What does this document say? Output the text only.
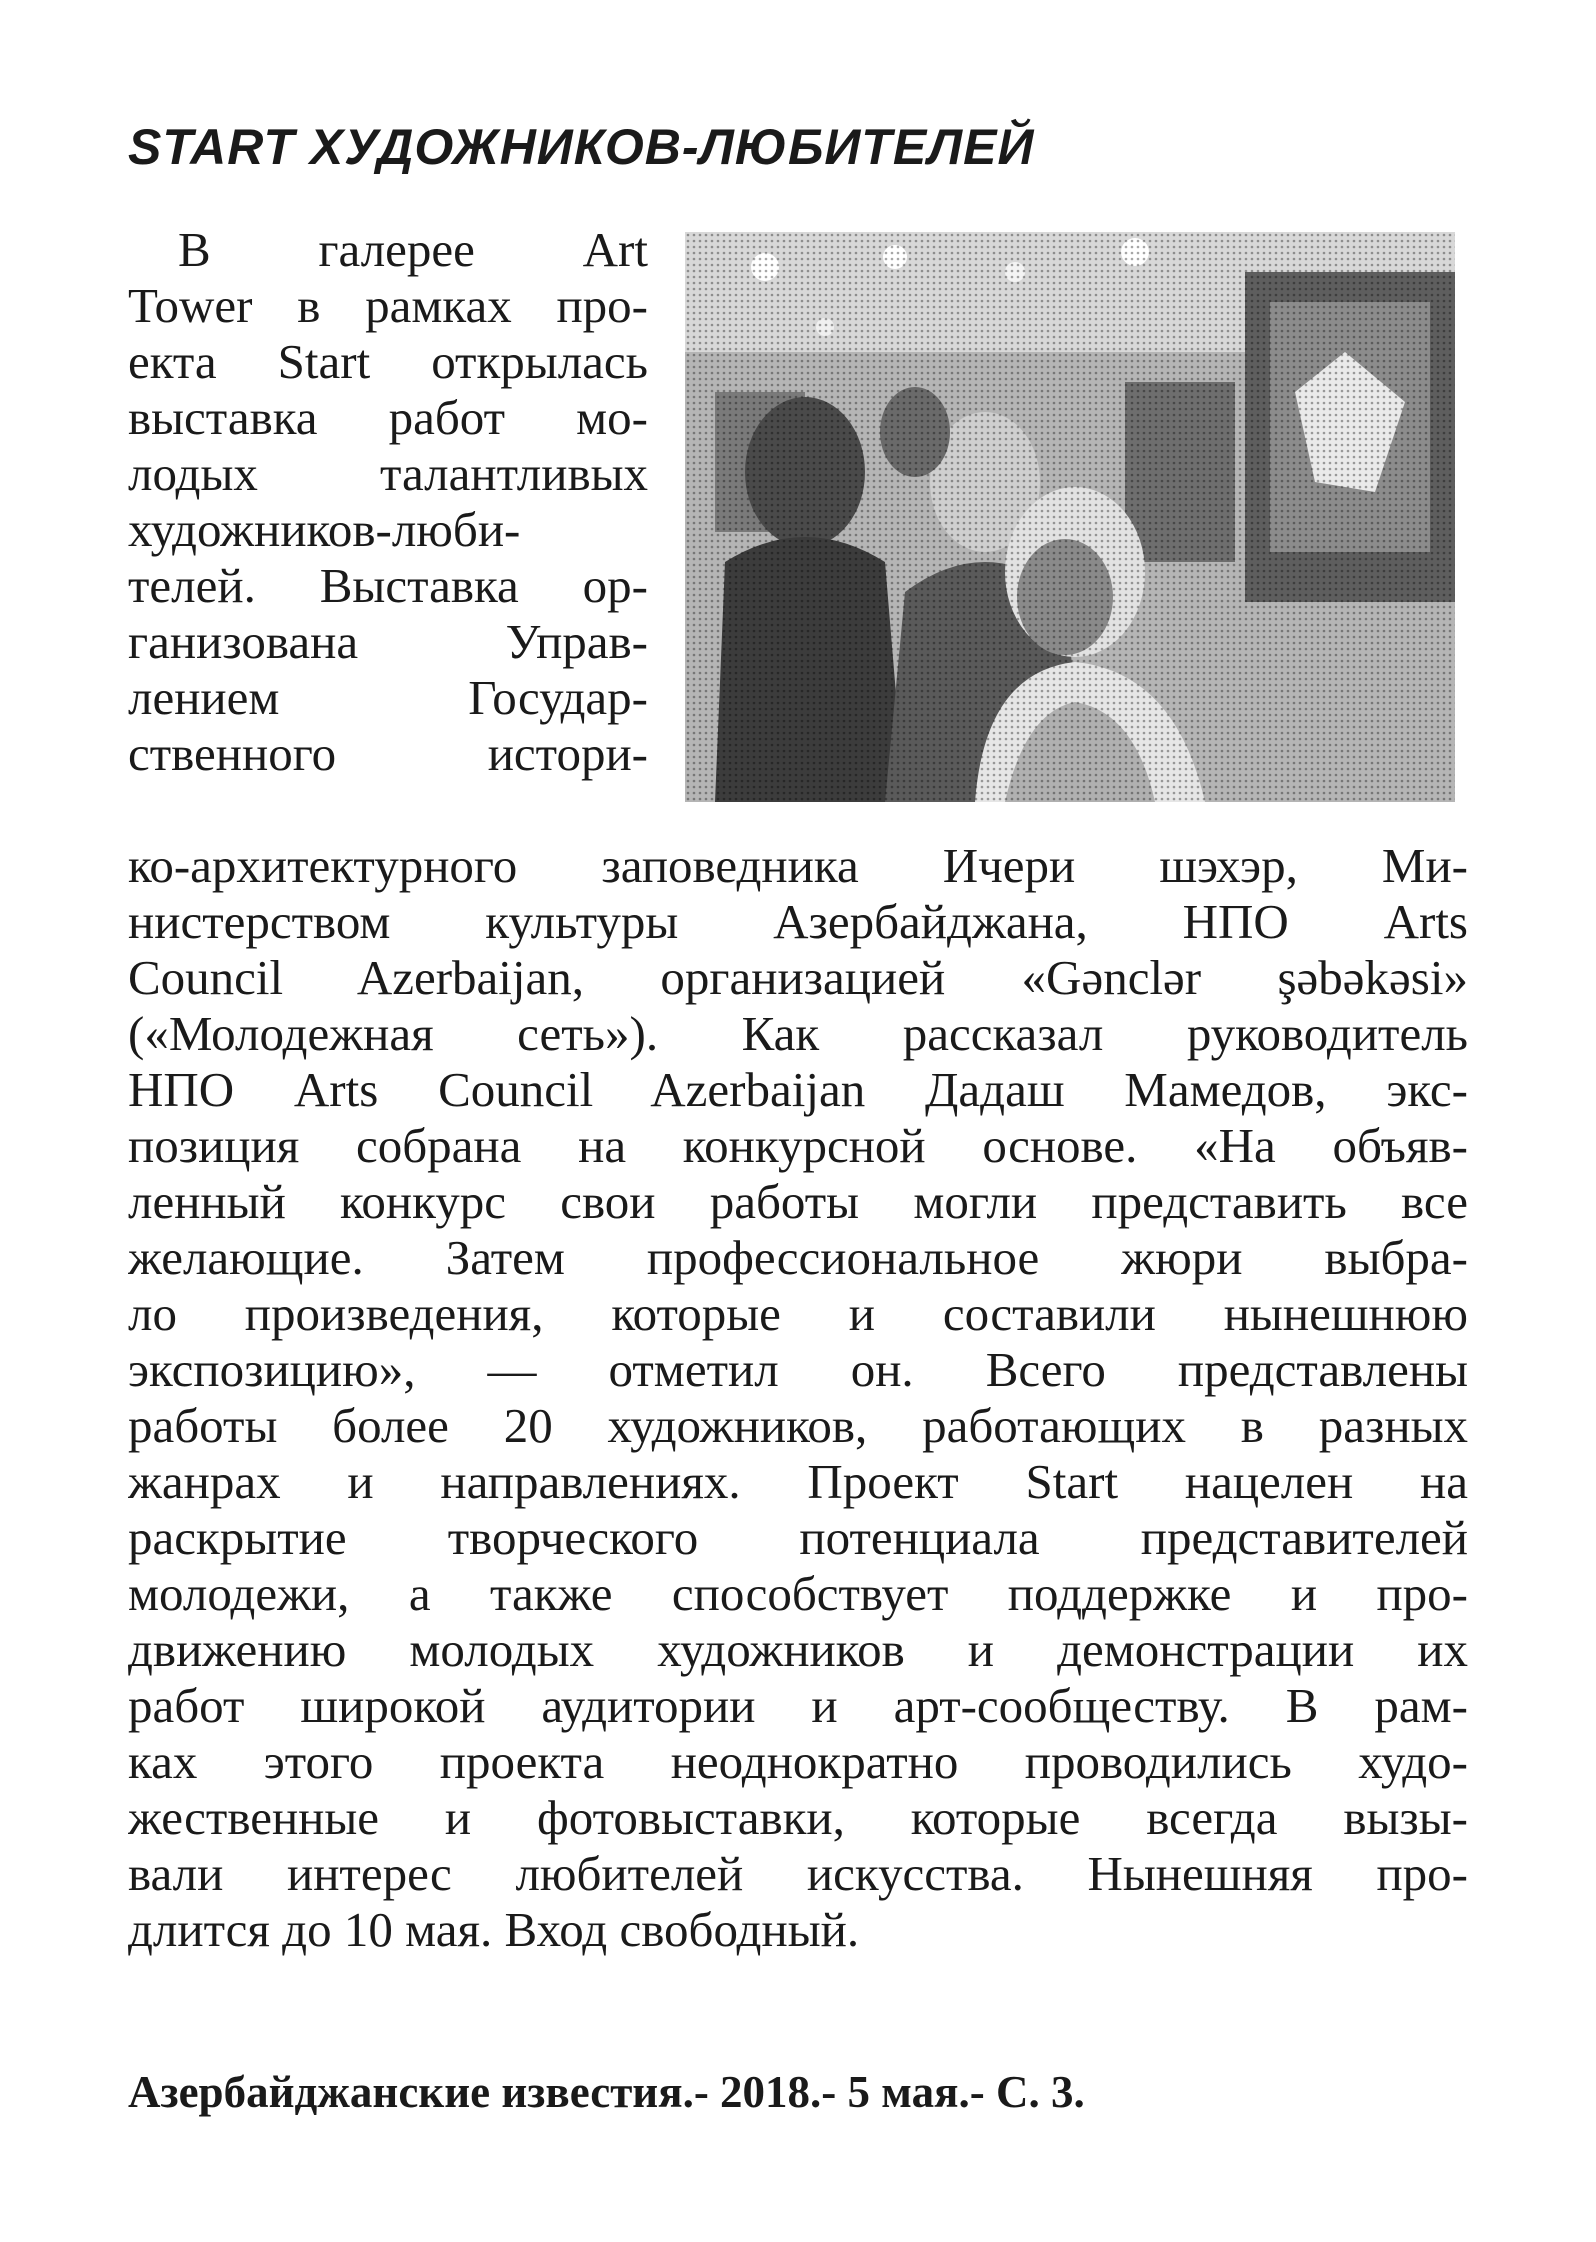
START ХУДОЖНИКОВ-ЛЮБИТЕЛЕЙ
В галерее Art
Tower в рамках про-
екта Start открылась
выставка работ мо-
лодых талантливых
художников-люби-
телей. Выставка ор-
ганизована Управ-
лением Государ-
ственного истори-
ко-архитектурного заповедника Ичери шэхэр, Ми-
нистерством культуры Азербайджана, НПО Arts
Council Azerbaijan, организацией «Gənclər şəbəkəsi»
(«Молодежная сеть»). Как рассказал руководитель
НПО Arts Council Azerbaijan Дадаш Мамедов, экс-
позиция собрана на конкурсной основе. «На объяв-
ленный конкурс свои работы могли представить все
желающие. Затем профессиональное жюри выбра-
ло произведения, которые и составили нынешнюю
экспозицию», — отметил он. Всего представлены
работы более 20 художников, работающих в разных
жанрах и направлениях. Проект Start нацелен на
раскрытие творческого потенциала представителей
молодежи, а также способствует поддержке и про-
движению молодых художников и демонстрации их
работ широкой аудитории и арт-сообществу. В рам-
ках этого проекта неоднократно проводились худо-
жественные и фотовыставки, которые всегда вызы-
вали интерес любителей искусства. Нынешняя про-
длится до 10 мая. Вход свободный.
Азербайджанские известия.- 2018.- 5 мая.- С. 3.
